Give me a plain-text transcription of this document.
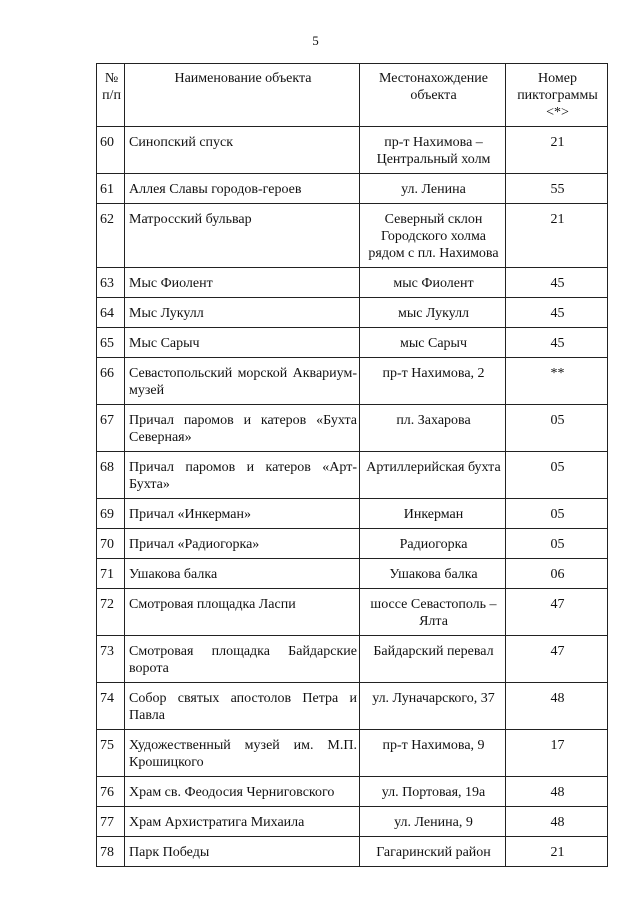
5
№ п/п	Наименование объекта	Местонахождение объекта	Номер пиктограммы <*>
60	Синопский спуск	пр-т Нахимова – Центральный холм	21
61	Аллея Славы городов-героев	ул. Ленина	55
62	Матросский бульвар	Северный склон Городского холма рядом с пл. Нахимова	21
63	Мыс Фиолент	мыс Фиолент	45
64	Мыс Лукулл	мыс Лукулл	45
65	Мыс Сарыч	мыс Сарыч	45
66	Севастопольский морской Аквариум-музей	пр-т Нахимова, 2	**
67	Причал паромов и катеров «Бухта Северная»	пл. Захарова	05
68	Причал паромов и катеров «Арт-Бухта»	Артиллерийская бухта	05
69	Причал «Инкерман»	Инкерман	05
70	Причал «Радиогорка»	Радиогорка	05
71	Ушакова балка	Ушакова балка	06
72	Смотровая площадка Ласпи	шоссе Севастополь – Ялта	47
73	Смотровая площадка Байдарские ворота	Байдарский перевал	47
74	Собор святых апостолов Петра и Павла	ул. Луначарского, 37	48
75	Художественный музей им. М.П. Крошицкого	пр-т Нахимова, 9	17
76	Храм св. Феодосия Черниговского	ул. Портовая, 19а	48
77	Храм Архистратига Михаила	ул. Ленина, 9	48
78	Парк Победы	Гагаринский район	21
